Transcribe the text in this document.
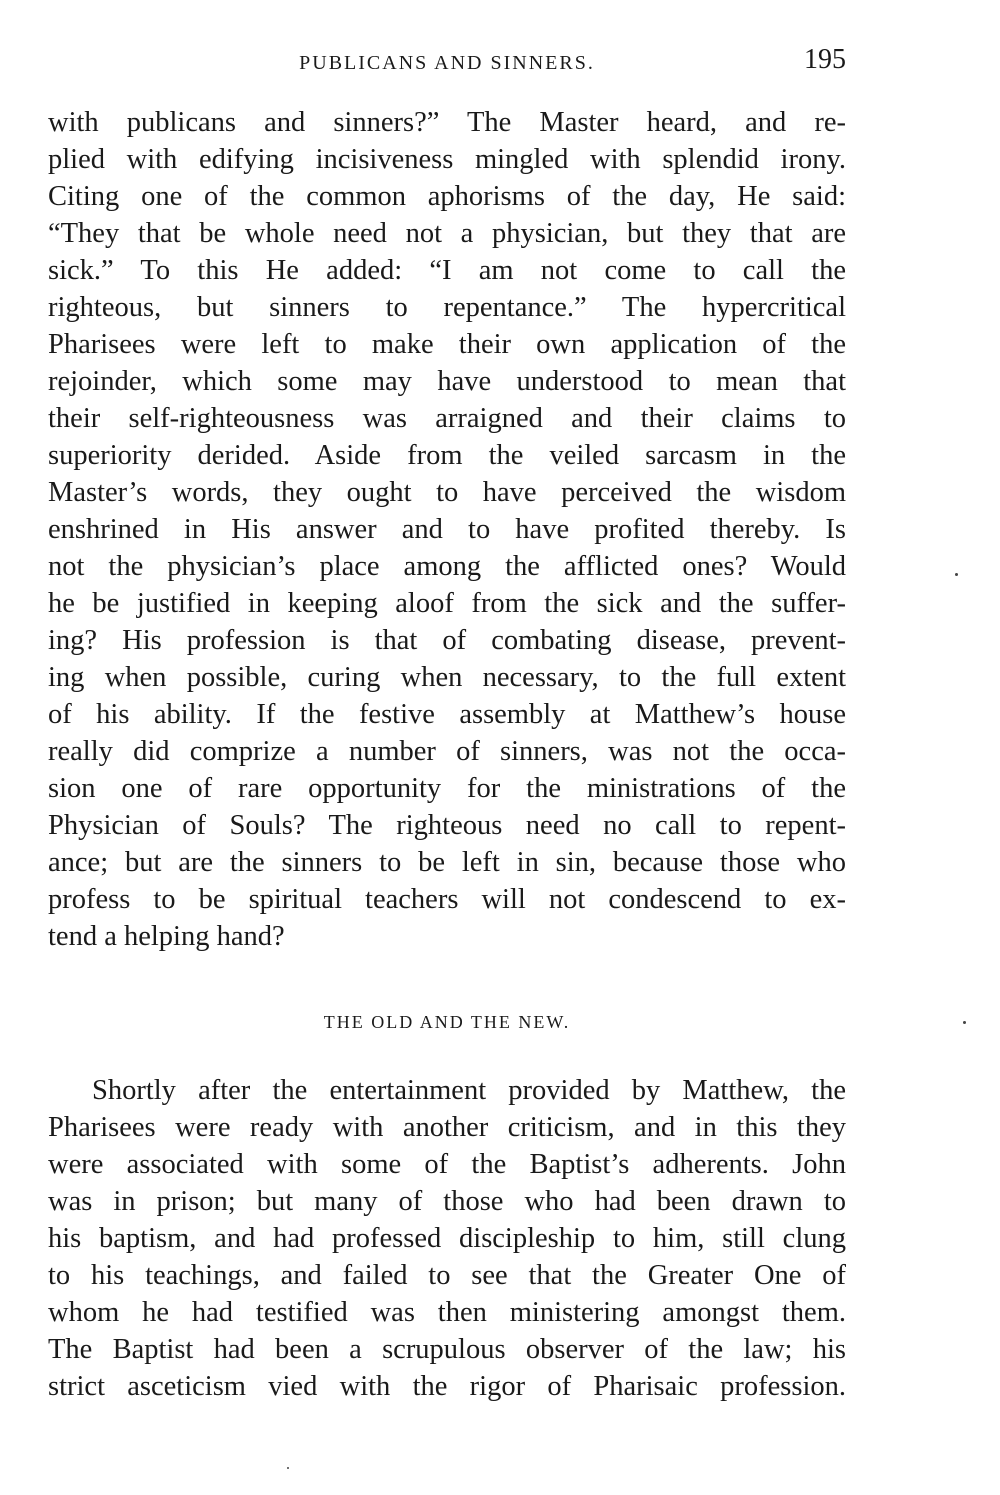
PUBLICANS AND SINNERS.	195
with publicans and sinners?” The Master heard, and re-
plied with edifying incisiveness mingled with splendid irony.
Citing one of the common aphorisms of the day, He said:
“They that be whole need not a physician, but they that are
sick.” To this He added: “I am not come to call the
righteous, but sinners to repentance.” The hypercritical
Pharisees were left to make their own application of the
rejoinder, which some may have understood to mean that
their self-righteousness was arraigned and their claims to
superiority derided. Aside from the veiled sarcasm in the
Master’s words, they ought to have perceived the wisdom
enshrined in His answer and to have profited thereby. Is
not the physician’s place among the afflicted ones? Would
he be justified in keeping aloof from the sick and the suffer-
ing? His profession is that of combating disease, prevent-
ing when possible, curing when necessary, to the full extent
of his ability. If the festive assembly at Matthew’s house
really did comprize a number of sinners, was not the occa-
sion one of rare opportunity for the ministrations of the
Physician of Souls? The righteous need no call to repent-
ance; but are the sinners to be left in sin, because those who
profess to be spiritual teachers will not condescend to ex-
tend a helping hand?
THE OLD AND THE NEW.
Shortly after the entertainment provided by Matthew, the
Pharisees were ready with another criticism, and in this they
were associated with some of the Baptist’s adherents. John
was in prison; but many of those who had been drawn to
his baptism, and had professed discipleship to him, still clung
to his teachings, and failed to see that the Greater One of
whom he had testified was then ministering amongst them.
The Baptist had been a scrupulous observer of the law; his
strict asceticism vied with the rigor of Pharisaic profession.
